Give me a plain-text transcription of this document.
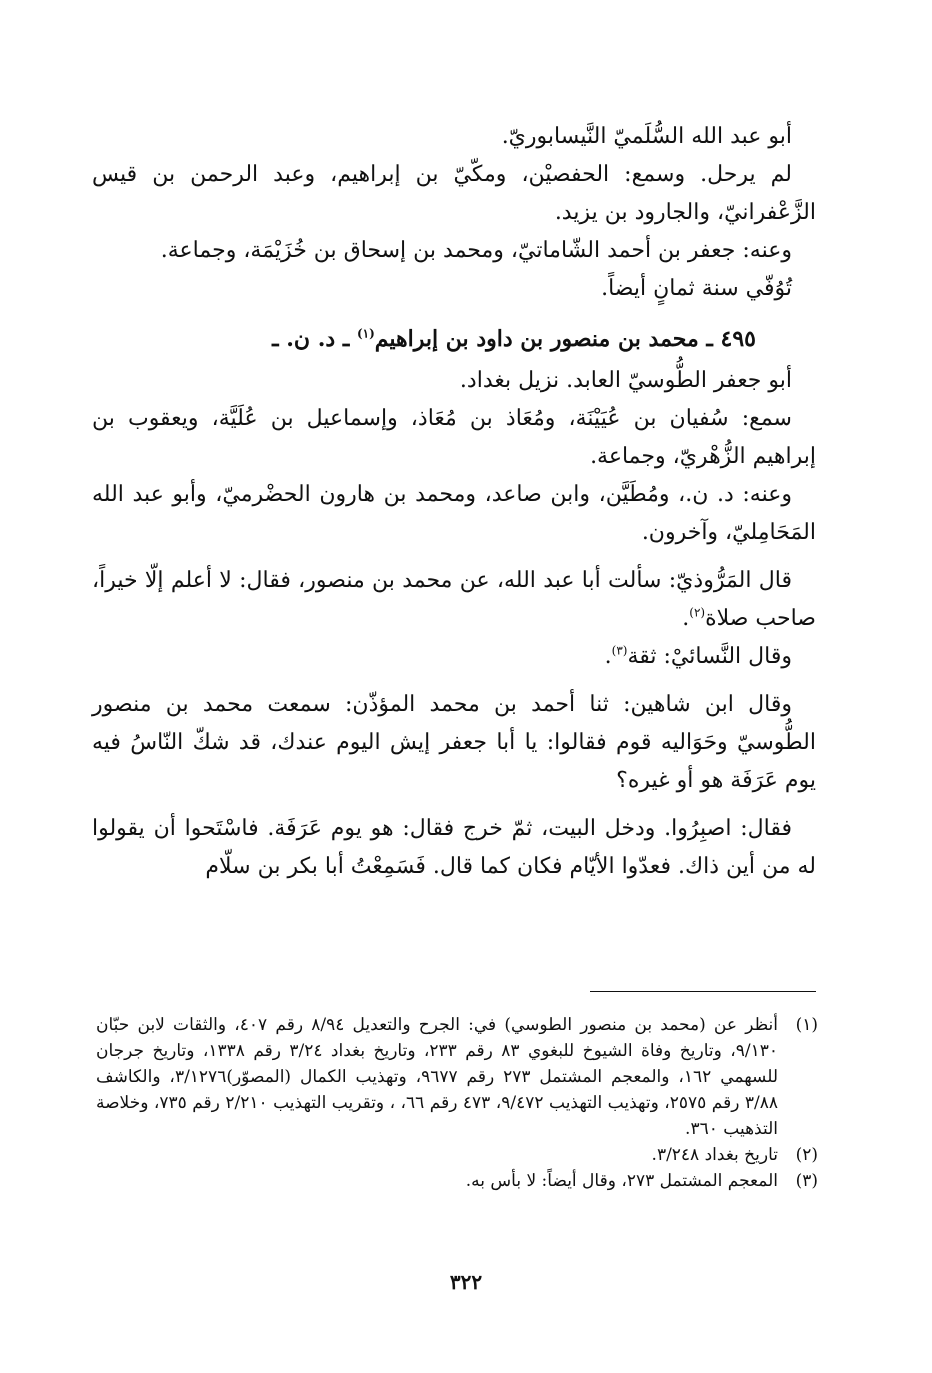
أبو عبد الله السُّلَميّ النَّيسابوريّ.

لم يرحل. وسمع: الحفصيْن، ومكّيّ بن إبراهيم، وعبد الرحمن بن قيس الزَّعْفرانيّ، والجارود بن يزيد.

وعنه: جعفر بن أحمد الشّاماتيّ، ومحمد بن إسحاق بن خُزَيْمَة، وجماعة.

تُوُفّي سنة ثمانٍ أيضاً.

٤٩٥ ـ محمد بن منصور بن داود بن إبراهيم$^{(١)}$ ـ د. ن. ـ

أبو جعفر الطُّوسيّ العابد. نزيل بغداد.

سمع: سُفيان بن عُيَيْنَة، ومُعَاذ بن مُعَاذ، وإسماعيل بن عُلَيَّة، ويعقوب بن إبراهيم الزُّهْريّ، وجماعة.

وعنه: د. ن.، ومُطَيَّن، وابن صاعد، ومحمد بن هارون الحضْرميّ، وأبو عبد الله المَحَامِليّ، وآخرون.

قال المَرُّوذيّ: سألت أبا عبد الله، عن محمد بن منصور، فقال: لا أعلم إلّا خيراً، صاحب صلاة$^{(٢)}$.

وقال النَّسائيْ: ثقة$^{(٣)}$.

وقال ابن شاهين: ثنا أحمد بن محمد المؤذّن: سمعت محمد بن منصور الطُّوسيّ وحَوَاليه قوم فقالوا: يا أبا جعفر إيش اليوم عندك، قد شكّ النّاسُ فيه يوم عَرَفَة هو أو غيره؟

فقال: اصبِرُوا. ودخل البيت، ثمّ خرج فقال: هو يوم عَرَفَة. فاسْتَحوا أن يقولوا له من أين ذاك. فعدّوا الأيّام فكان كما قال. فَسَمِعْتُ أبا بكر بن سلّام

(١)
أنظر عن (محمد بن منصور الطوسي) في: الجرح والتعديل ٨/٩٤ رقم ٤٠٧، والثقات لابن حبّان ٩/١٣٠، وتاريخ وفاة الشيوخ للبغوي ٨٣ رقم ٢٣٣، وتاريخ بغداد ٣/٢٤ رقم ١٣٣٨، وتاريخ جرجان للسهمي ١٦٢، والمعجم المشتمل ٢٧٣ رقم ٩٦٧٧، وتهذيب الكمال (المصوّر)٣/١٢٧٦، والكاشف ٣/٨٨ رقم ٢٥٧٥، وتهذيب التهذيب ٩/٤٧٢، ٤٧٣ رقم ٦٦، ، وتقريب التهذيب ٢/٢١٠ رقم ٧٣٥، وخلاصة التذهيب ٣٦٠.
(٢)
تاريخ بغداد ٣/٢٤٨.
(٣)
المعجم المشتمل ٢٧٣، وقال أيضاً: لا بأس به.
٣٢٢
